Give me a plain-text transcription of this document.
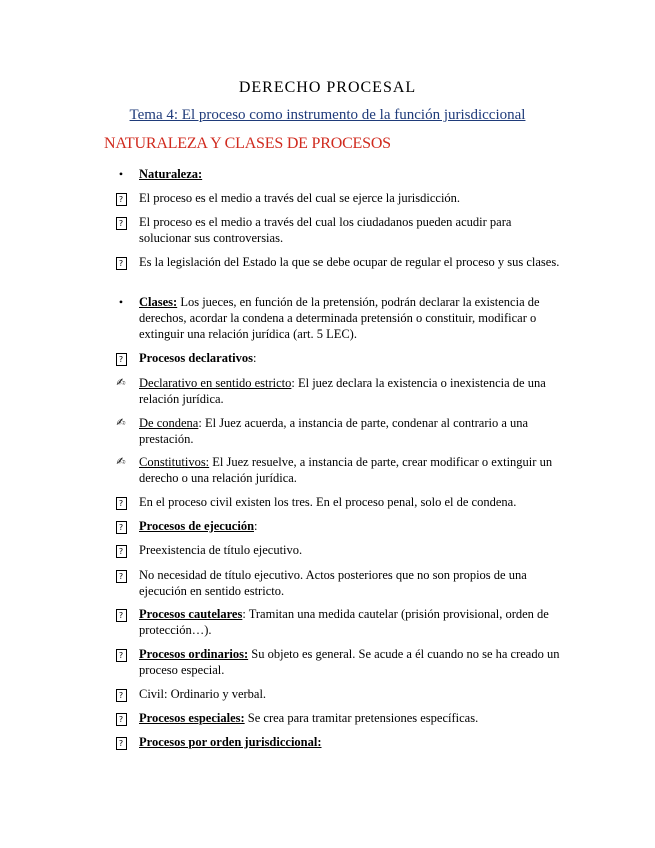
DERECHO PROCESAL
Tema 4: El proceso como instrumento de la función jurisdiccional
NATURALEZA Y CLASES DE PROCESOS
•	Naturaleza:
?	El proceso es el medio a través del cual se ejerce la jurisdicción.
?	El proceso es el medio a través del cual los ciudadanos pueden acudir para solucionar sus controversias.
?	Es la legislación del Estado la que se debe ocupar de regular el proceso y sus clases.
•	Clases: Los jueces, en función de la pretensión, podrán declarar la existencia de derechos, acordar la condena a determinada pretensión o constituir, modificar o extinguir una relación jurídica (art. 5 LEC).
?	Procesos declarativos:
✍	Declarativo en sentido estricto: El juez declara la existencia o inexistencia de una relación jurídica.
✍	De condena: El Juez acuerda, a instancia de parte, condenar al contrario a una prestación.
✍	Constitutivos: El Juez resuelve, a instancia de parte, crear modificar o extinguir un derecho o una relación jurídica.
?	En el proceso civil existen los tres. En el proceso penal, solo el de condena.
?	Procesos de ejecución:
?	Preexistencia de título ejecutivo.
?	No necesidad de título ejecutivo. Actos posteriores que no son propios de una ejecución en sentido estricto.
?	Procesos cautelares: Tramitan una medida cautelar (prisión provisional, orden de protección…).
?	Procesos ordinarios: Su objeto es general. Se acude a él cuando no se ha creado un proceso especial.
?	Civil: Ordinario y verbal.
?	Procesos especiales: Se crea para tramitar pretensiones específicas.
?	Procesos por orden jurisdiccional:
